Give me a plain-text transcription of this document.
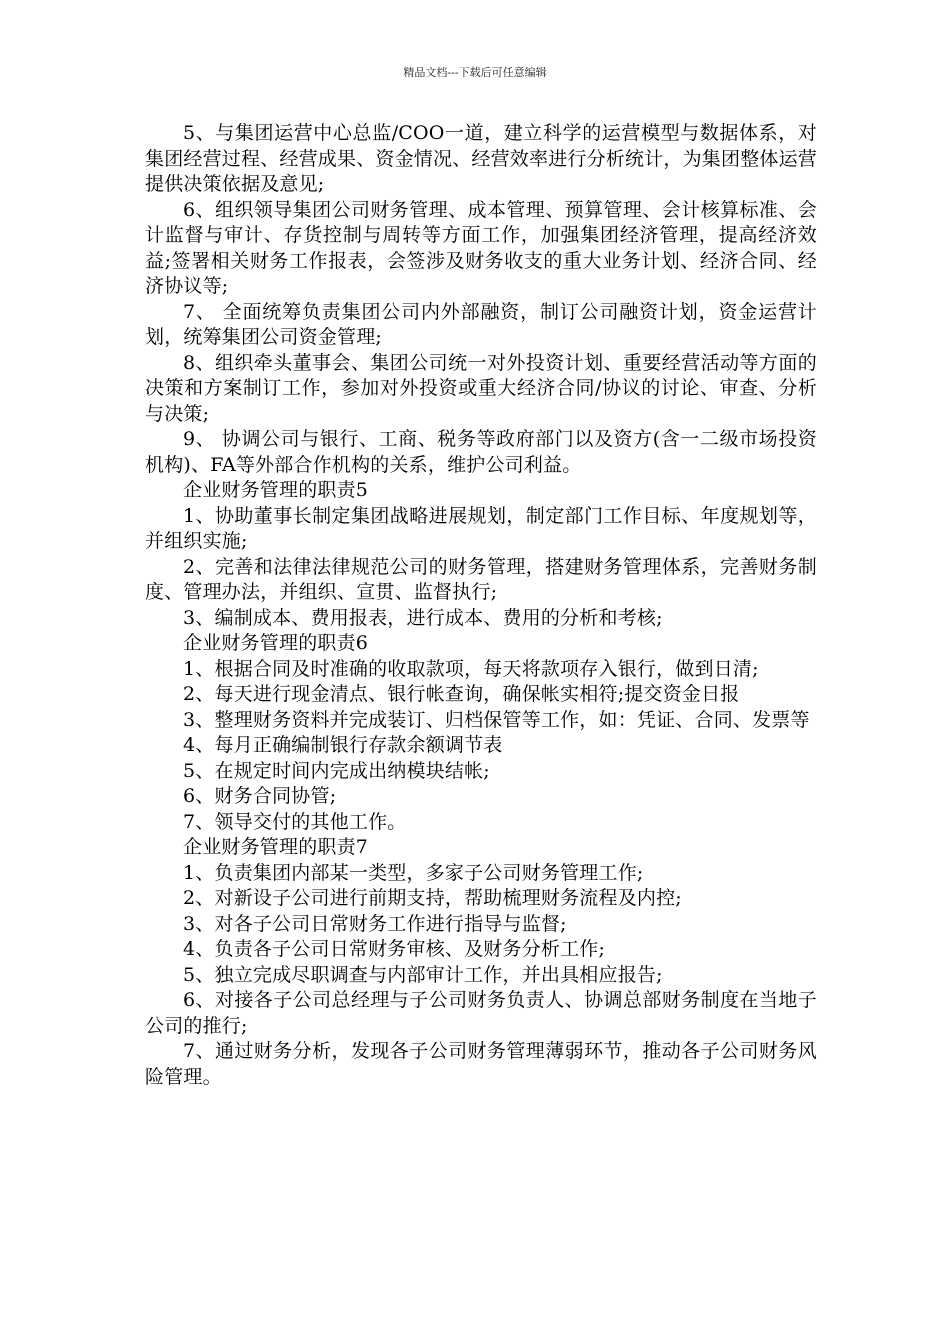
精品文档---下载后可任意编辑

5、与集团运营中心总监/COO一道，建立科学的运营模型与数据体系，对集团经营过程、经营成果、资金情况、经营效率进行分析统计，为集团整体运营提供决策依据及意见;

6、组织领导集团公司财务管理、成本管理、预算管理、会计核算标准、会计监督与审计、存货控制与周转等方面工作，加强集团经济管理，提高经济效益;签署相关财务工作报表，会签涉及财务收支的重大业务计划、经济合同、经济协议等;

7、 全面统筹负责集团公司内外部融资，制订公司融资计划，资金运营计划，统筹集团公司资金管理;

8、组织牵头董事会、集团公司统一对外投资计划、重要经营活动等方面的决策和方案制订工作，参加对外投资或重大经济合同/协议的讨论、审查、分析与决策;

9、 协调公司与银行、工商、税务等政府部门以及资方(含一二级市场投资机构)、FA等外部合作机构的关系，维护公司利益。

企业财务管理的职责5

1、协助董事长制定集团战略进展规划，制定部门工作目标、年度规划等，并组织实施;

2、完善和法律法律规范公司的财务管理，搭建财务管理体系，完善财务制度、管理办法，并组织、宣贯、监督执行;

3、编制成本、费用报表，进行成本、费用的分析和考核;

企业财务管理的职责6

1、根据合同及时准确的收取款项，每天将款项存入银行，做到日清;

2、每天进行现金清点、银行帐查询，确保帐实相符;提交资金日报

3、整理财务资料并完成装订、归档保管等工作，如：凭证、合同、发票等

4、每月正确编制银行存款余额调节表

5、在规定时间内完成出纳模块结帐;

6、财务合同协管;

7、领导交付的其他工作。

企业财务管理的职责7

1、负责集团内部某一类型，多家子公司财务管理工作;

2、对新设子公司进行前期支持，帮助梳理财务流程及内控;

3、对各子公司日常财务工作进行指导与监督;

4、负责各子公司日常财务审核、及财务分析工作;

5、独立完成尽职调查与内部审计工作，并出具相应报告;

6、对接各子公司总经理与子公司财务负责人、协调总部财务制度在当地子公司的推行;

7、通过财务分析，发现各子公司财务管理薄弱环节，推动各子公司财务风险管理。
